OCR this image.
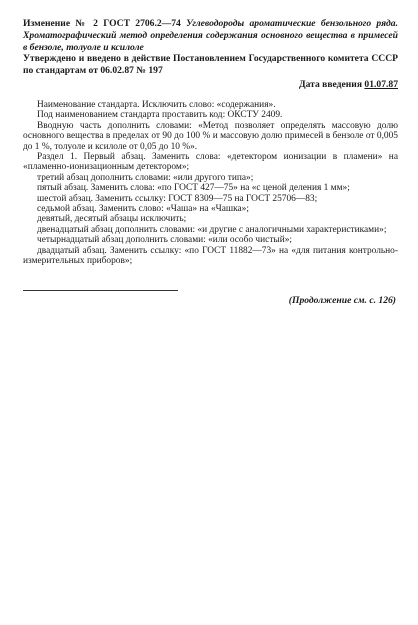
Изменение № 2 ГОСТ 2706.2—74 Углеводороды ароматические бензольного ряда. Хроматографический метод определения содержания основного вещества в примесей в бензоле, толуоле и ксилоле

Утверждено и введено в действие Постановлением Государственного комитета СССР по стандартам от 06.02.87 № 197

Дата введения 01.07.87

Наименование стандарта. Исключить слово: «содержания».

Под наименованием стандарта проставить код: ОКСТУ 2409.

Вводную часть дополнить словами: «Метод позволяет определять массовую долю основного вещества в пределах от 90 до 100 % и массовую долю примесей в бензоле от 0,005 до 1 %, толуоле и ксилоле от 0,05 до 10 %».

Раздел 1. Первый абзац. Заменить слова: «детектором ионизации в пламени» на «пламенно-ионизационным детектором»;

третий абзац дополнить словами: «или другого типа»;

пятый абзац. Заменить слова: «по ГОСТ 427—75» на «с ценой деления 1 мм»;

шестой абзац. Заменить ссылку: ГОСТ 8309—75 на ГОСТ 25706—83;

седьмой абзац. Заменить слово: «Чаша» на «Чашка»;

девятый, десятый абзацы исключить;

двенадцатый абзац дополнить словами: «и другие с аналогичными характеристиками»;

четырнадцатый абзац дополнить словами: «или особо чистый»;

двадцатый абзац. Заменить ссылку: «по ГОСТ 11882—73» на «для питания контрольно-измерительных приборов»;

(Продолжение см. с. 126)
